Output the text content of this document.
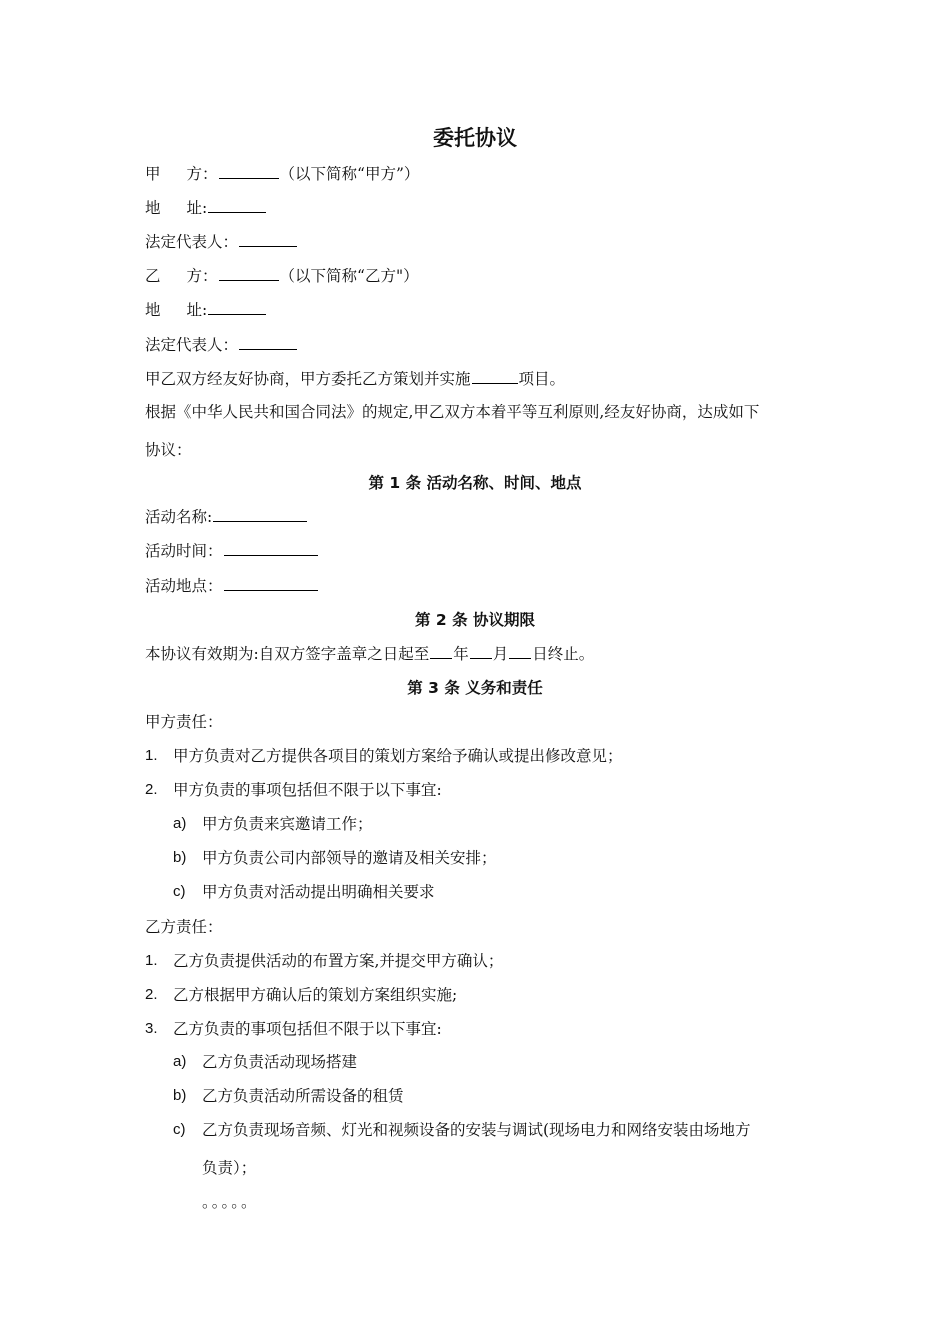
委托协议
甲 方：	（以下简称“甲方”）
地 址:
法定代表人：
乙 方：	（以下简称“乙方"）
地 址:
法定代表人：
甲乙双方经友好协商，甲方委托乙方策划并实施	项目。
根据《中华人民共和国合同法》的规定,甲乙双方本着平等互利原则,经友好协商，达成如下
协议：
第 1 条 活动名称、时间、地点
活动名称:
活动时间：
活动地点：
第 2 条 协议期限
本协议有效期为:自双方签字盖章之日起至 年 月 日终止。
第 3 条 义务和责任
甲方责任：
1. 甲方负责对乙方提供各项目的策划方案给予确认或提出修改意见；
2. 甲方负责的事项包括但不限于以下事宜:
a) 甲方负责来宾邀请工作；
b) 甲方负责公司内部领导的邀请及相关安排；
c) 甲方负责对活动提出明确相关要求
乙方责任：
1. 乙方负责提供活动的布置方案,并提交甲方确认；
2. 乙方根据甲方确认后的策划方案组织实施;
3. 乙方负责的事项包括但不限于以下事宜:
a) 乙方负责活动现场搭建
b) 乙方负责活动所需设备的租赁
c) 乙方负责现场音频、灯光和视频设备的安装与调试(现场电力和网络安装由场地方
负责）；
。。。。。
